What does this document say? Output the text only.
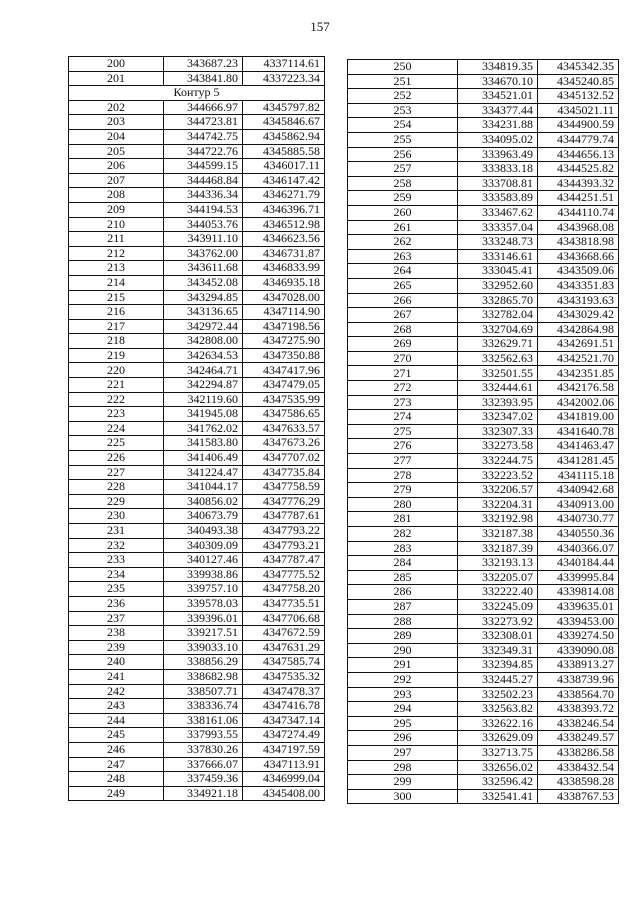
157
200	343687.23	4337114.61
201	343841.80	4337223.34
Контур 5		
202	344666.97	4345797.82
203	344723.81	4345846.67
204	344742.75	4345862.94
205	344722.76	4345885.58
206	344599.15	4346017.11
207	344468.84	4346147.42
208	344336.34	4346271.79
209	344194.53	4346396.71
210	344053.76	4346512.98
211	343911.10	4346623.56
212	343762.00	4346731.87
213	343611.68	4346833.99
214	343452.08	4346935.18
215	343294.85	4347028.00
216	343136.65	4347114.90
217	342972.44	4347198.56
218	342808.00	4347275.90
219	342634.53	4347350.88
220	342464.71	4347417.96
221	342294.87	4347479.05
222	342119.60	4347535.99
223	341945.08	4347586.65
224	341762.02	4347633.57
225	341583.80	4347673.26
226	341406.49	4347707.02
227	341224.47	4347735.84
228	341044.17	4347758.59
229	340856.02	4347776.29
230	340673.79	4347787.61
231	340493.38	4347793.22
232	340309.09	4347793.21
233	340127.46	4347787.47
234	339938.86	4347775.52
235	339757.10	4347758.20
236	339578.03	4347735.51
237	339396.01	4347706.68
238	339217.51	4347672.59
239	339033.10	4347631.29
240	338856.29	4347585.74
241	338682.98	4347535.32
242	338507.71	4347478.37
243	338336.74	4347416.78
244	338161.06	4347347.14
245	337993.55	4347274.49
246	337830.26	4347197.59
247	337666.07	4347113.91
248	337459.36	4346999.04
249	334921.18	4345408.00
250	334819.35	4345342.35
251	334670.10	4345240.85
252	334521.01	4345132.52
253	334377.44	4345021.11
254	334231.88	4344900.59
255	334095.02	4344779.74
256	333963.49	4344656.13
257	333833.18	4344525.82
258	333708.81	4344393.32
259	333583.89	4344251.51
260	333467.62	4344110.74
261	333357.04	4343968.08
262	333248.73	4343818.98
263	333146.61	4343668.66
264	333045.41	4343509.06
265	332952.60	4343351.83
266	332865.70	4343193.63
267	332782.04	4343029.42
268	332704.69	4342864.98
269	332629.71	4342691.51
270	332562.63	4342521.70
271	332501.55	4342351.85
272	332444.61	4342176.58
273	332393.95	4342002.06
274	332347.02	4341819.00
275	332307.33	4341640.78
276	332273.58	4341463.47
277	332244.75	4341281.45
278	332223.52	4341115.18
279	332206.57	4340942.68
280	332204.31	4340913.00
281	332192.98	4340730.77
282	332187.38	4340550.36
283	332187.39	4340366.07
284	332193.13	4340184.44
285	332205.07	4339995.84
286	332222.40	4339814.08
287	332245.09	4339635.01
288	332273.92	4339453.00
289	332308.01	4339274.50
290	332349.31	4339090.08
291	332394.85	4338913.27
292	332445.27	4338739.96
293	332502.23	4338564.70
294	332563.82	4338393.72
295	332622.16	4338246.54
296	332629.09	4338249.57
297	332713.75	4338286.58
298	332656.02	4338432.54
299	332596.42	4338598.28
300	332541.41	4338767.53
